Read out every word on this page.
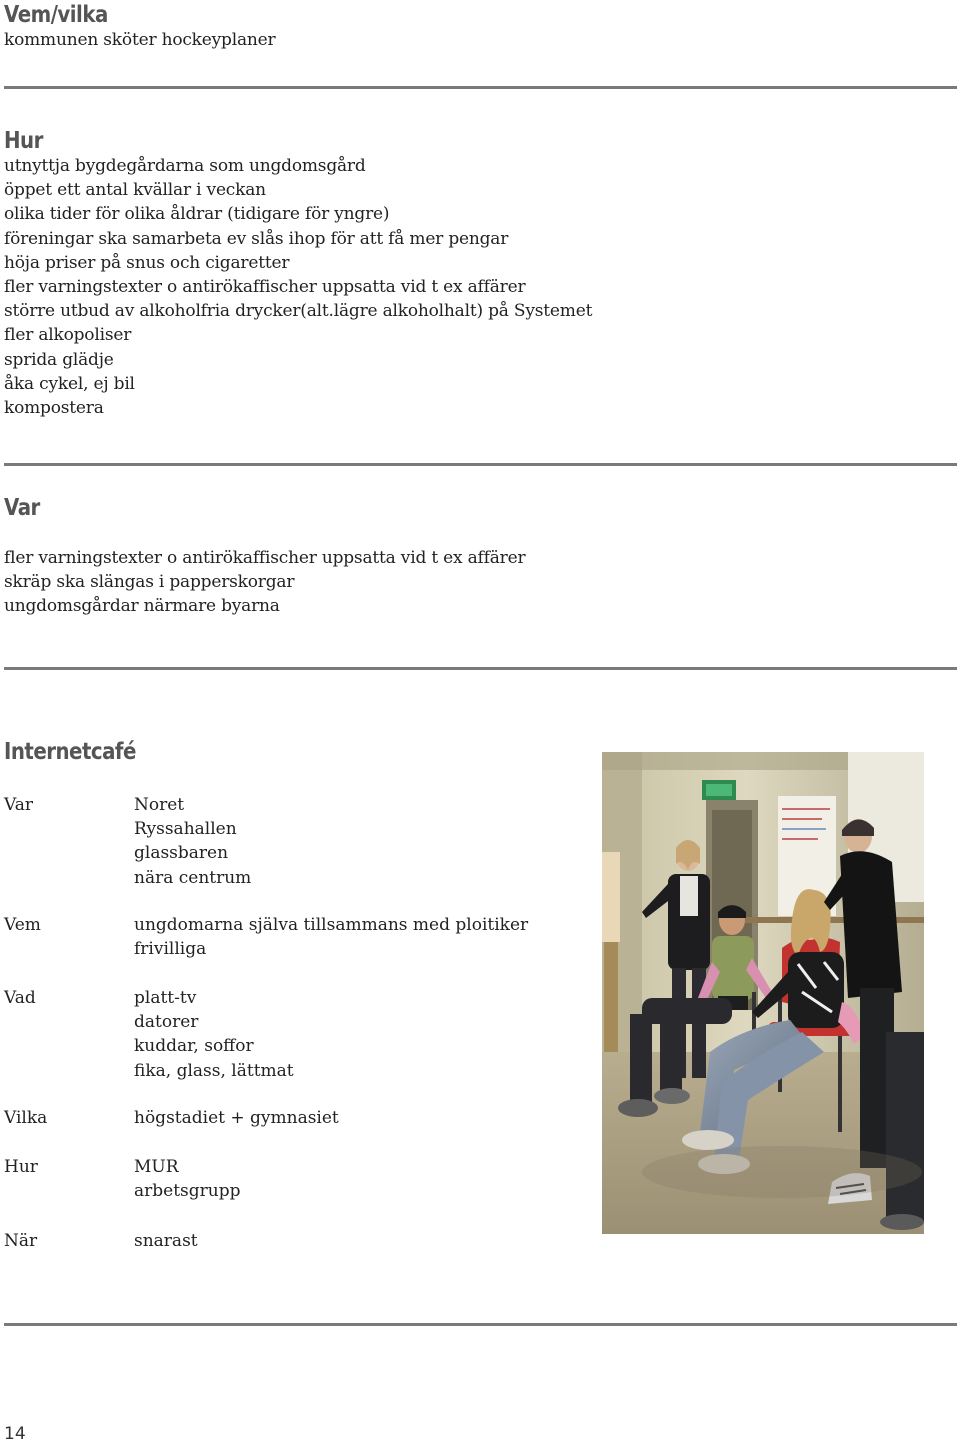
Vem/vilka
kommunen sköter hockeyplaner
Hur
utnyttja bygdegårdarna som ungdomsgård
öppet ett antal kvällar i veckan
olika tider för olika åldrar (tidigare för yngre)
föreningar ska samarbeta ev slås ihop för att få mer pengar
höja priser på snus och cigaretter
fler varningstexter o antirökaffischer uppsatta vid t ex affärer
större utbud av alkoholfria drycker(alt.lägre alkoholhalt) på Systemet
fler alkopoliser
sprida glädje
åka cykel, ej bil
kompostera
Var
fler varningstexter o antirökaffischer uppsatta vid t ex affärer
skräp ska slängas i papperskorgar
ungdomsgårdar närmare byarna
Internetcafé
Var	Noret
Ryssahallen
glassbaren
nära centrum
Vem	ungdomarna själva tillsammans med ploitiker
frivilliga
Vad	platt-tv
datorer
kuddar, soffor
fika, glass, lättmat
Vilka	högstadiet + gymnasiet
Hur	MUR
arbetsgrupp
När	snarast
14
